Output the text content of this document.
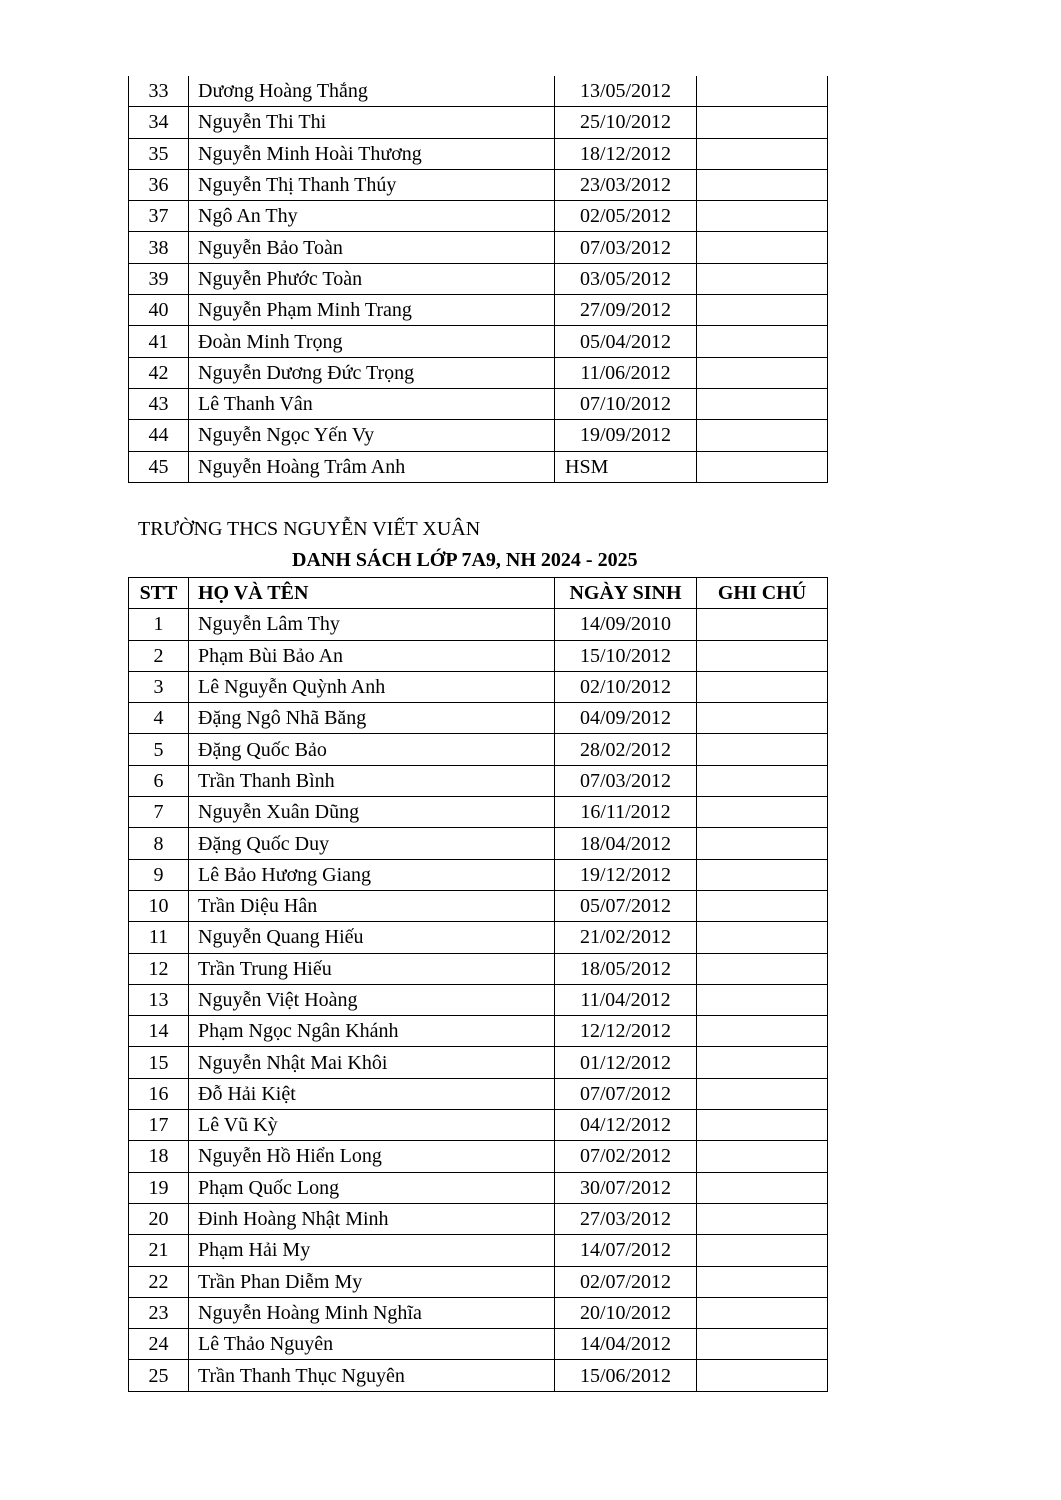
33	Dương Hoàng Thắng	13/05/2012	
34	Nguyễn Thi Thi	25/10/2012	
35	Nguyễn Minh Hoài Thương	18/12/2012	
36	Nguyễn Thị Thanh Thúy	23/03/2012	
37	Ngô An Thy	02/05/2012	
38	Nguyễn Bảo Toàn	07/03/2012	
39	Nguyễn Phước Toàn	03/05/2012	
40	Nguyễn Phạm Minh Trang	27/09/2012	
41	Đoàn Minh Trọng	05/04/2012	
42	Nguyễn Dương Đức Trọng	11/06/2012	
43	Lê Thanh Vân	07/10/2012	
44	Nguyễn Ngọc Yến Vy	19/09/2012	
45	Nguyễn Hoàng Trâm Anh	HSM	
TRƯỜNG THCS NGUYỄN VIẾT XUÂN
DANH SÁCH LỚP 7A9, NH 2024 - 2025
STT	HỌ VÀ TÊN	NGÀY SINH	GHI CHÚ
1	Nguyễn Lâm Thy	14/09/2010	
2	Phạm Bùi Bảo An	15/10/2012	
3	Lê Nguyễn Quỳnh Anh	02/10/2012	
4	Đặng Ngô Nhã Băng	04/09/2012	
5	Đặng Quốc Bảo	28/02/2012	
6	Trần Thanh Bình	07/03/2012	
7	Nguyễn Xuân Dũng	16/11/2012	
8	Đặng Quốc Duy	18/04/2012	
9	Lê Bảo Hương Giang	19/12/2012	
10	Trần Diệu Hân	05/07/2012	
11	Nguyễn Quang Hiếu	21/02/2012	
12	Trần Trung Hiếu	18/05/2012	
13	Nguyễn Việt Hoàng	11/04/2012	
14	Phạm Ngọc Ngân Khánh	12/12/2012	
15	Nguyễn Nhật Mai Khôi	01/12/2012	
16	Đỗ Hải Kiệt	07/07/2012	
17	Lê Vũ Kỳ	04/12/2012	
18	Nguyễn Hồ Hiển Long	07/02/2012	
19	Phạm Quốc Long	30/07/2012	
20	Đinh Hoàng Nhật Minh	27/03/2012	
21	Phạm Hải My	14/07/2012	
22	Trần Phan Diễm My	02/07/2012	
23	Nguyễn Hoàng Minh Nghĩa	20/10/2012	
24	Lê Thảo Nguyên	14/04/2012	
25	Trần Thanh Thục Nguyên	15/06/2012	
